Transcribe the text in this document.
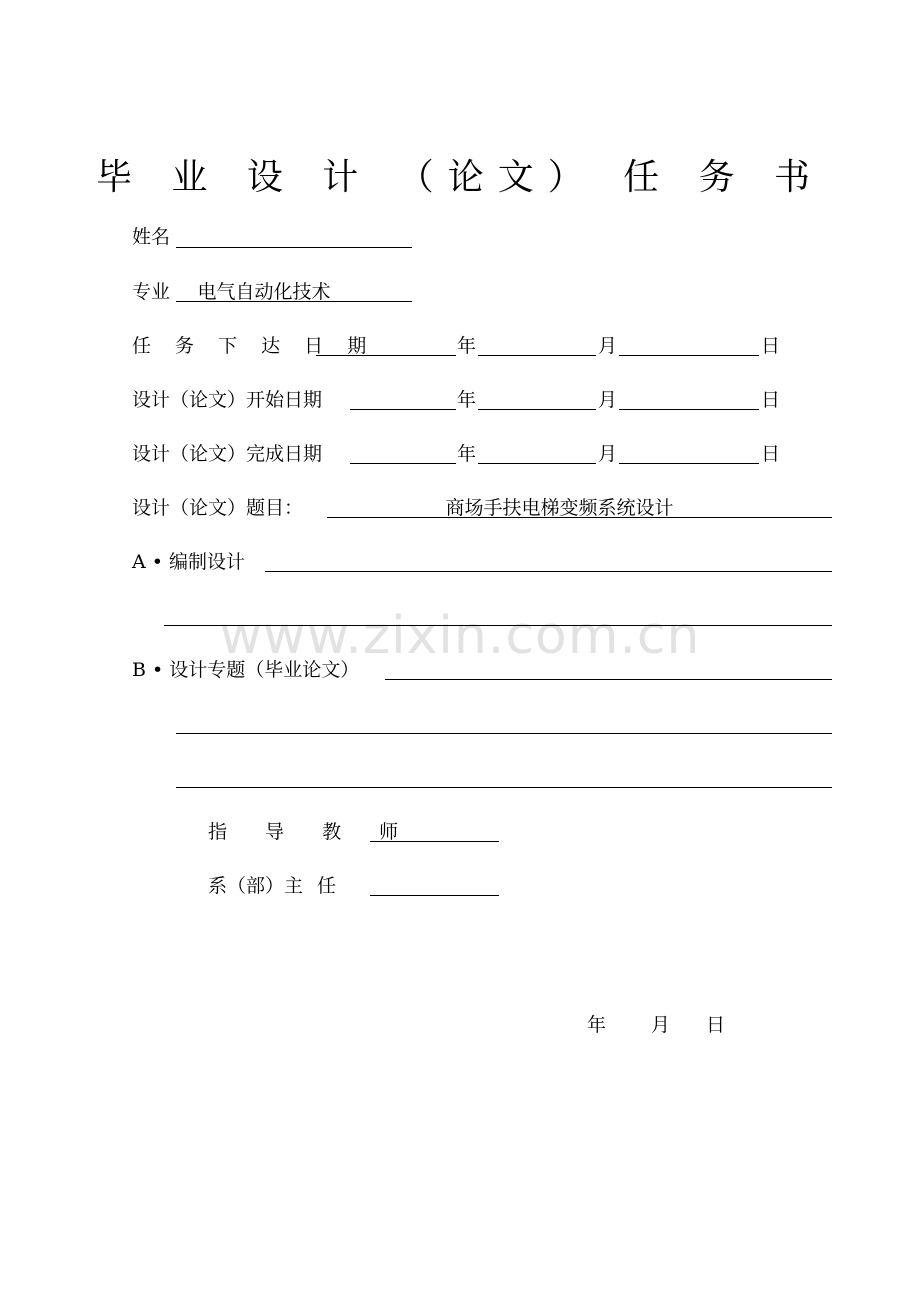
www.zixin.com.cn
毕 业 设 计 （论文） 任 务 书
姓名
专业	电气自动化技术
任 务 下 达 日 期	年	月	日
设计（论文）开始日期	年	月	日
设计（论文）完成日期	年	月	日
设计（论文）题目：	商场手扶电梯变频系统设计
A • 编制设计
B • 设计专题（毕业论文）
指 导 教 师
系（部）主 任
年 月 日
